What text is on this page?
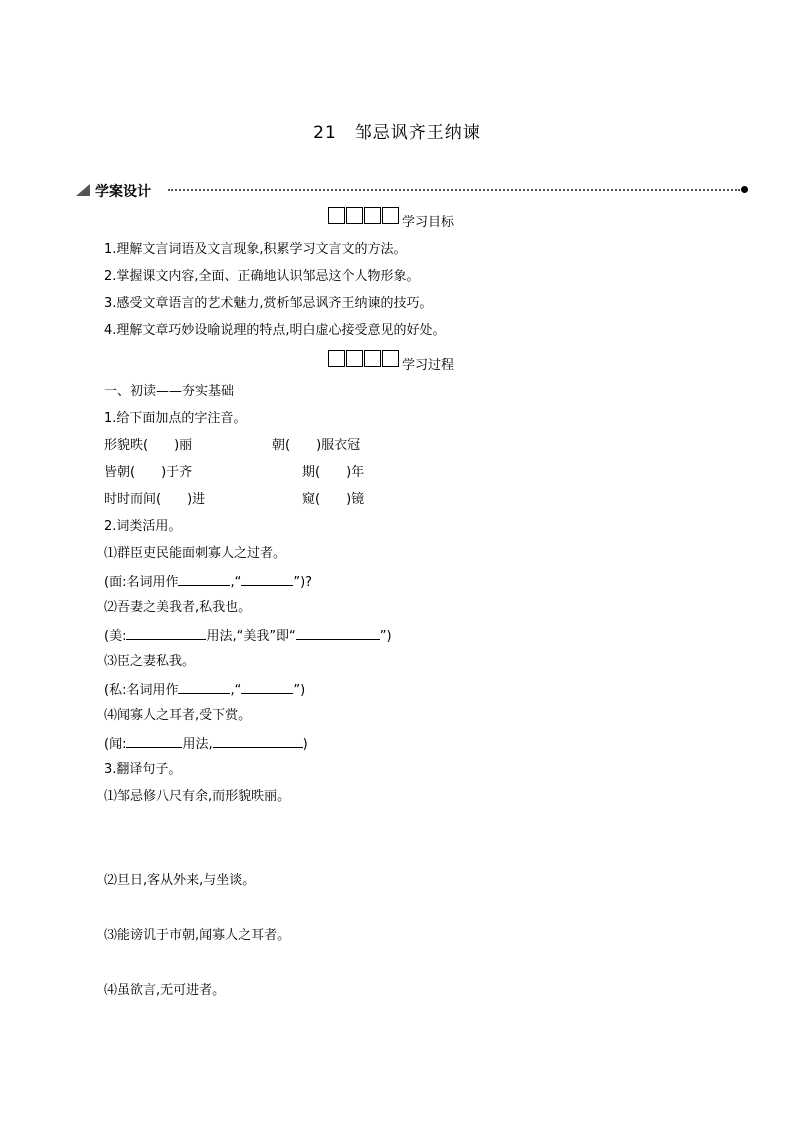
21 邹忌讽齐王纳谏
学案设计
学习目标
1.理解文言词语及文言现象,积累学习文言文的方法。
2.掌握课文内容,全面、正确地认识邹忌这个人物形象。
3.感受文章语言的艺术魅力,赏析邹忌讽齐王纳谏的技巧。
4.理解文章巧妙设喻说理的特点,明白虚心接受意见的好处。
学习过程
一、初读——夯实基础
1.给下面加点的字注音。
形貌昳(　　)丽	朝(　　)服衣冠
皆朝(　　)于齐	期(　　)年
时时而间(　　)进	窥(　　)镜
2.词类活用。
⑴群臣吏民能面刺寡人之过者。
(面:名词用作	,“	”)?
⑵吾妻之美我者,私我也。
(美:	用法,“美我”即“	”)
⑶臣之妻私我。
(私:名词用作	,“	”)
⑷闻寡人之耳者,受下赏。
(闻:	用法,	)
3.翻译句子。
⑴邹忌修八尺有余,而形貌昳丽。
⑵旦日,客从外来,与坐谈。
⑶能谤讥于市朝,闻寡人之耳者。
⑷虽欲言,无可进者。
